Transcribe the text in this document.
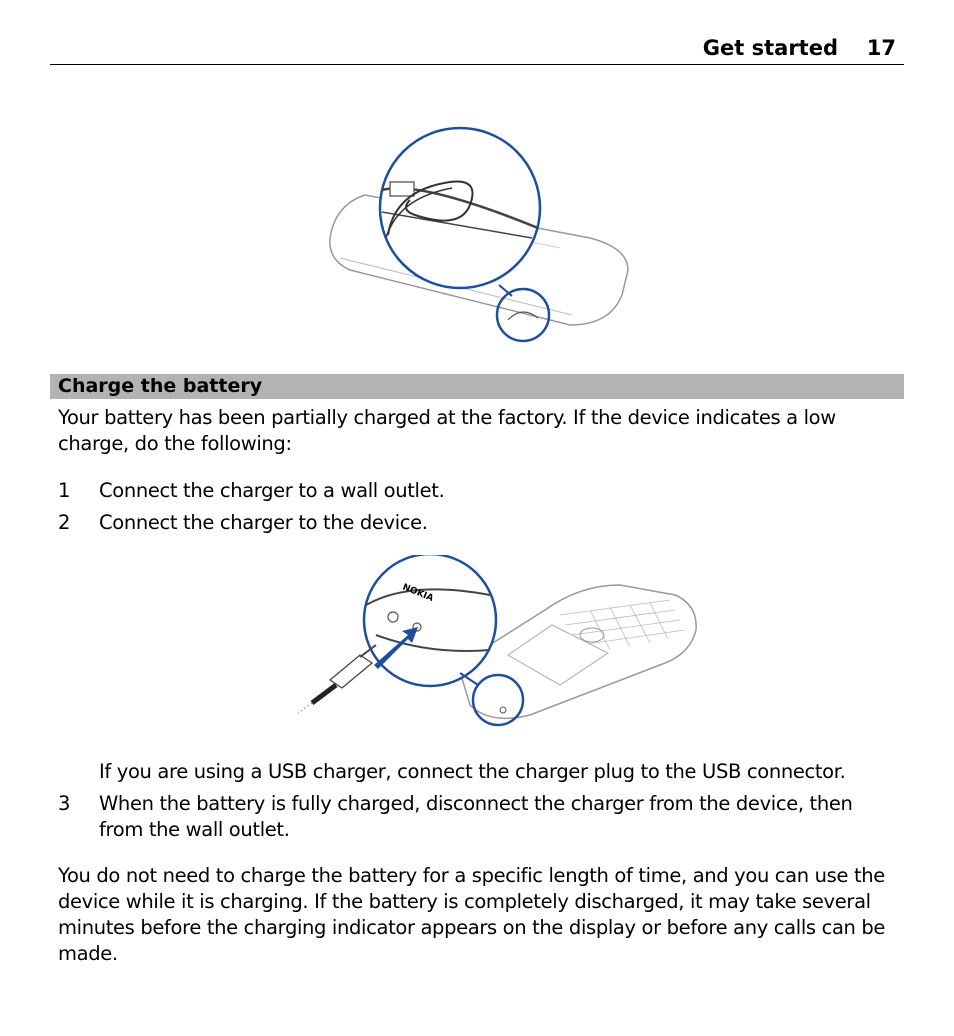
Get started 17
Charge the battery
Your battery has been partially charged at the factory. If the device indicates a low charge, do the following:
1 Connect the charger to a wall outlet.
2 Connect the charger to the device.
NOKIA
If you are using a USB charger, connect the charger plug to the USB connector.
3 When the battery is fully charged, disconnect the charger from the device, then from the wall outlet.
You do not need to charge the battery for a specific length of time, and you can use the device while it is charging. If the battery is completely discharged, it may take several minutes before the charging indicator appears on the display or before any calls can be made.
